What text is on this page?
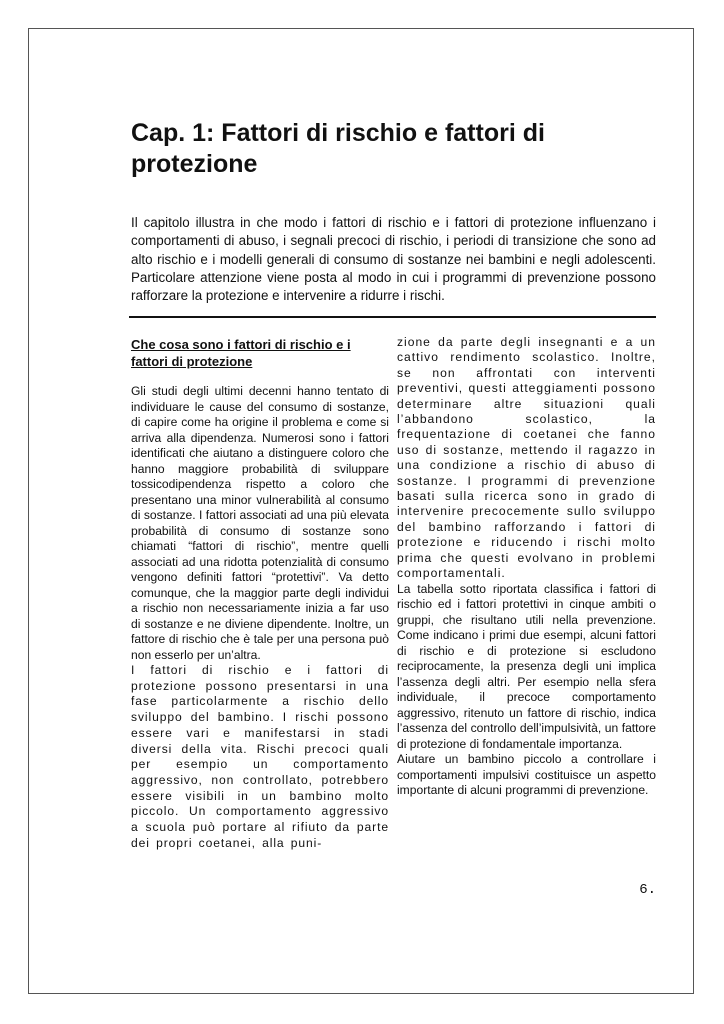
Cap. 1: Fattori di rischio e fattori di protezione

Il capitolo illustra in che modo i fattori di rischio e i fattori di protezione influenzano i comportamenti di abuso, i segnali precoci di rischio, i periodi di transizione che sono ad alto rischio e i modelli generali di consumo di sostanze nei bambini e negli adolescenti. Particolare attenzione viene posta al modo in cui i programmi di prevenzione possono rafforzare la protezione e intervenire a ridurre i rischi.

Che cosa sono i fattori di rischio e i fattori di protezione

Gli studi degli ultimi decenni hanno tentato di individuare le cause del consumo di sostanze, di capire come ha origine il problema e come si arriva alla dipendenza. Numerosi sono i fattori identificati che aiutano a distinguere coloro che hanno maggiore probabilità di sviluppare tossicodipendenza rispetto a coloro che presentano una minor vulnerabilità al consumo di sostanze. I fattori associati ad una più elevata probabilità di consumo di sostanze sono chiamati “fattori di rischio”, mentre quelli associati ad una ridotta potenzialità di consumo vengono definiti fattori “protettivi”. Va detto comunque, che la maggior parte degli individui a rischio non necessariamente inizia a far uso di sostanze e ne diviene dipendente. Inoltre, un fattore di rischio che è tale per una persona può non esserlo per un’altra.

I fattori di rischio e i fattori di protezione possono presentarsi in una fase particolarmente a rischio dello sviluppo del bambino. I rischi possono essere vari e manifestarsi in stadi diversi della vita. Rischi precoci quali per esempio un comportamento aggressivo, non controllato, potrebbero essere visibili in un bambino molto piccolo. Un comportamento aggressivo a scuola può portare al rifiuto da parte dei propri coetanei, alla puni-

zione da parte degli insegnanti e a un cattivo rendimento scolastico. Inoltre, se non affrontati con interventi preventivi, questi atteggiamenti possono determinare altre situazioni quali l’abbandono scolastico, la frequentazione di coetanei che fanno uso di sostanze, mettendo il ragazzo in una condizione a rischio di abuso di sostanze. I programmi di prevenzione basati sulla ricerca sono in grado di intervenire precocemente sullo sviluppo del bambino rafforzando i fattori di protezione e riducendo i rischi molto prima che questi evolvano in problemi comportamentali.

La tabella sotto riportata classifica i fattori di rischio ed i fattori protettivi in cinque ambiti o gruppi, che risultano utili nella prevenzione. Come indicano i primi due esempi, alcuni fattori di rischio e di protezione si escludono reciprocamente, la presenza degli uni implica l’assenza degli altri. Per esempio nella sfera individuale, il precoce comportamento aggressivo, ritenuto un fattore di rischio, indica l’assenza del controllo dell’impulsività, un fattore di protezione di fondamentale importanza.

Aiutare un bambino piccolo a controllare i comportamenti impulsivi costituisce un aspetto importante di alcuni programmi di prevenzione.

6.
